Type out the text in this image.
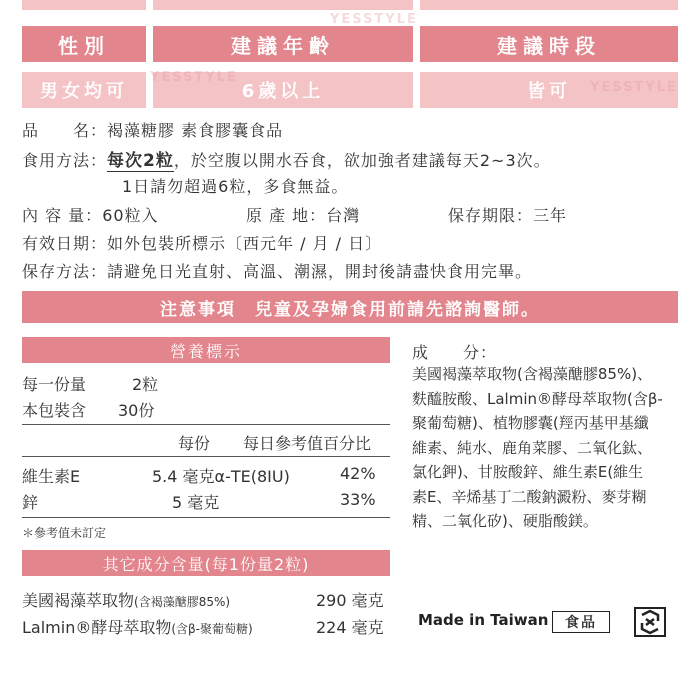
性別	建議年齡	建議時段
男女均可	6歲以上	皆可
YESSTYLE
YESSTYLE
YESSTYLE
品　　名：褐藻糖膠 素食膠囊食品
食用方法：每次2粒，於空腹以開水吞食，欲加強者建議每天2~3次。
1日請勿超過6粒，多食無益。
內 容 量：60粒入	原 產 地：台灣	保存期限：三年
有效日期：如外包裝所標示〔西元年 / 月 / 日〕
保存方法：請避免日光直射、高溫、潮濕，開封後請盡快食用完畢。
注意事項　兒童及孕婦食用前請先諮詢醫師。
營養標示
每一份量	2粒
本包裝含 30份
每份 每日參考值百分比
維生素E	5.4 毫克α-TE(8IU)	42%
鋅	5 毫克	33%
＊參考值未訂定
成　　分：
美國褐藻萃取物(含褐藻醣膠85%)、
麩醯胺酸、Lalmin®酵母萃取物(含β-
聚葡萄糖)、植物膠囊(羥丙基甲基纖
維素、純水、鹿角菜膠、二氧化鈦、
氯化鉀)、甘胺酸鋅、維生素E(維生
素E、辛烯基丁二酸鈉澱粉、麥芽糊
精、二氧化矽)、硬脂酸鎂。
其它成分含量(每1份量2粒)
美國褐藻萃取物(含褐藻醣膠85%)	290 毫克
Lalmin®酵母萃取物(含β-聚葡萄糖)	224 毫克 Made in Taiwan	食品
